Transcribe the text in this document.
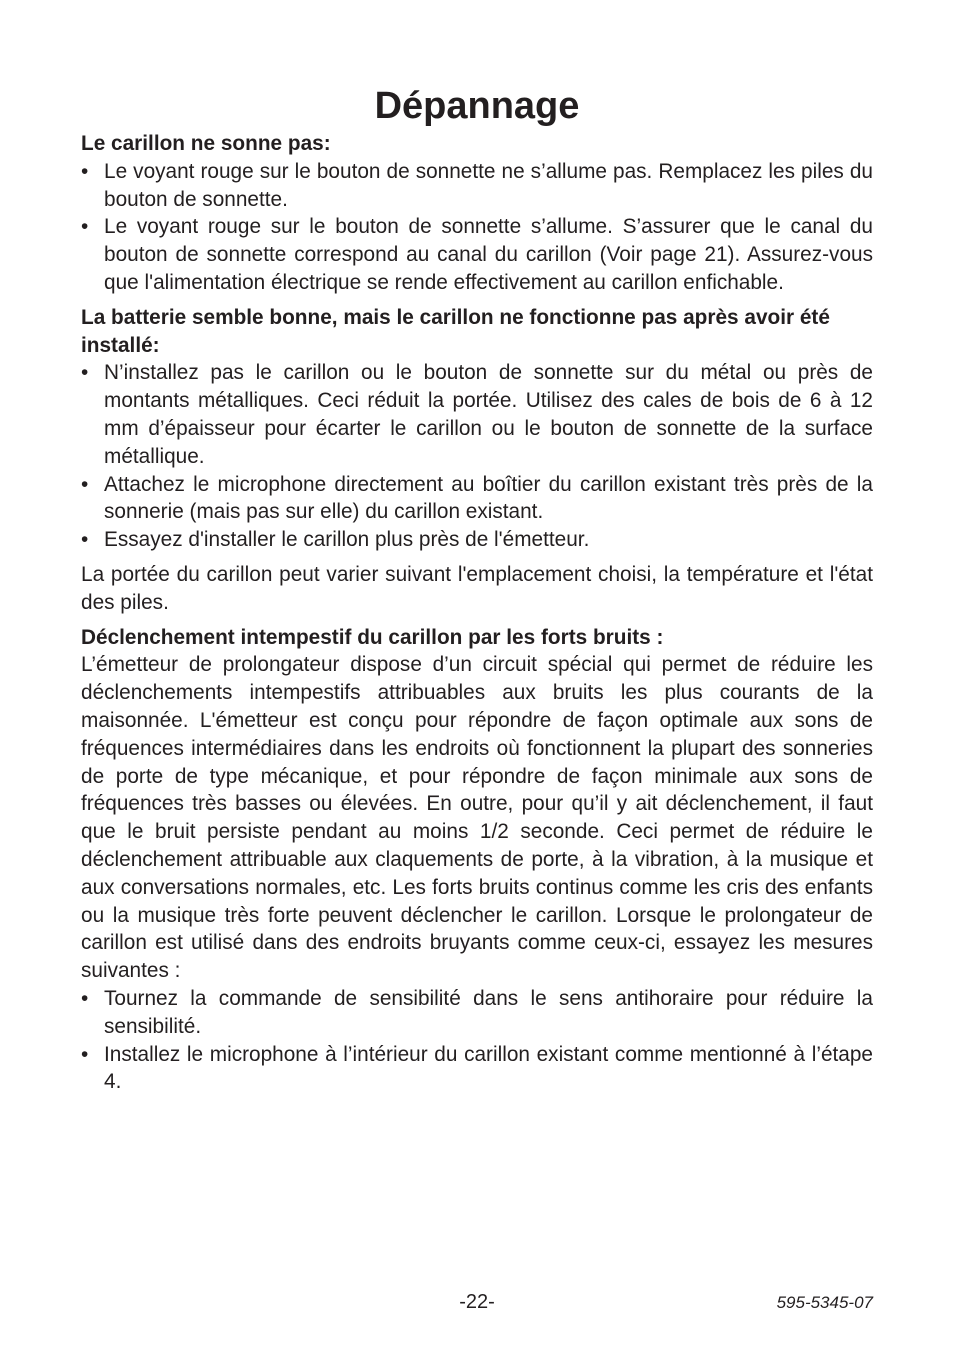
Dépannage

Le carillon ne sonne pas:

• Le voyant rouge sur le bouton de sonnette ne s’allume pas. Remplacez les piles du bouton de sonnette.
• Le voyant rouge sur le bouton de sonnette s’allume. S’assurer que le canal du bouton de sonnette correspond au canal du carillon (Voir page 21). Assurez-vous que l'alimentation électrique se rende effectivement au carillon enfichable.

La batterie semble bonne, mais le carillon ne fonctionne pas après avoir été installé:

• N’installez pas le carillon ou le bouton de sonnette sur du métal ou près de montants métalliques. Ceci réduit la portée. Utilisez des cales de bois de 6 à 12 mm d’épaisseur pour écarter le carillon ou le bouton de sonnette de la surface métallique.
• Attachez le microphone directement au boîtier du carillon existant très près de la sonnerie (mais pas sur elle) du carillon existant.
• Essayez d'installer le carillon plus près de l'émetteur.

La portée du carillon peut varier suivant l'emplacement choisi, la température et l'état des piles.

Déclenchement intempestif du carillon par les forts bruits :

L’émetteur de prolongateur dispose d’un circuit spécial qui permet de réduire les déclenchements intempestifs attribuables aux bruits les plus courants de la maisonnée. L'émetteur est conçu pour répondre de façon optimale aux sons de fréquences intermédiaires dans les endroits où fonctionnent la plupart des sonneries de porte de type mécanique, et pour répondre de façon minimale aux sons de fréquences très basses ou élevées. En outre, pour qu’il y ait déclenchement, il faut que le bruit persiste pendant au moins 1/2 seconde. Ceci permet de réduire le déclenchement attribuable aux claquements de porte, à la vibration, à la musique et aux conversations normales, etc. Les forts bruits continus comme les cris des enfants ou la musique très forte peuvent déclencher le carillon. Lorsque le prolongateur de carillon est utilisé dans des endroits bruyants comme ceux-ci, essayez les mesures suivantes :

• Tournez la commande de sensibilité dans le sens antihoraire pour réduire la sensibilité.
• Installez le microphone à l’intérieur du carillon existant comme mentionné à l’étape 4.
-22-	595-5345-07
